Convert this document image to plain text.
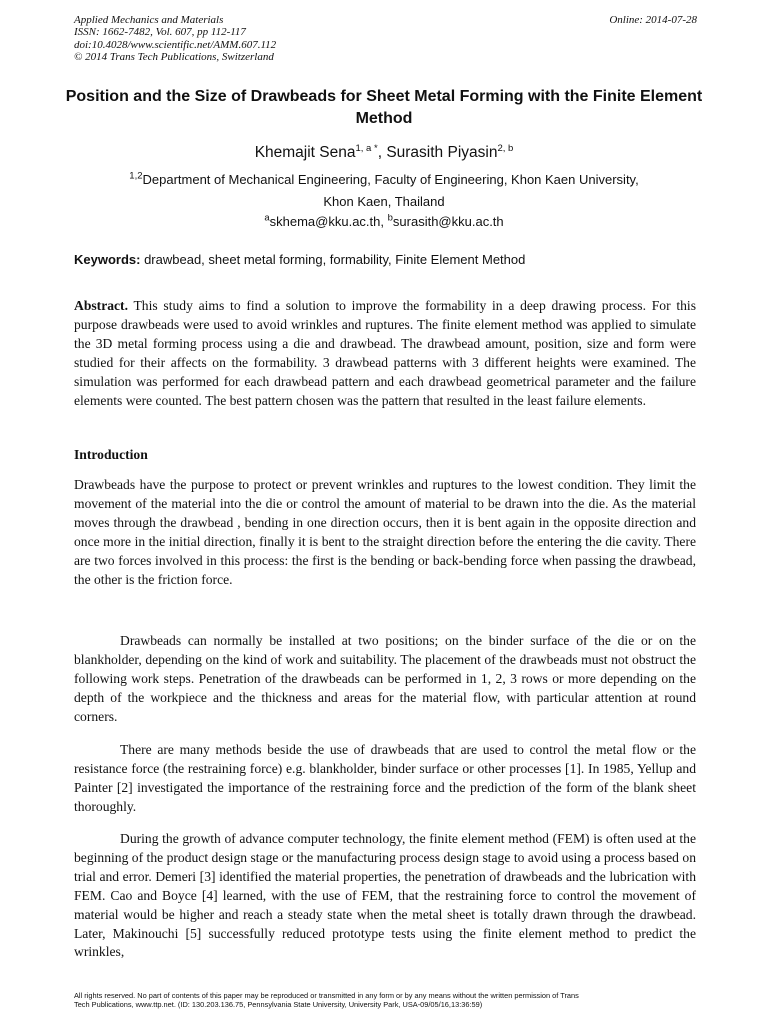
Applied Mechanics and Materials
ISSN: 1662-7482, Vol. 607, pp 112-117
doi:10.4028/www.scientific.net/AMM.607.112
© 2014 Trans Tech Publications, Switzerland
Online: 2014-07-28
Position and the Size of Drawbeads for Sheet Metal Forming with the Finite Element Method
Khemajit Sena$^{1, a *}$, Surasith Piyasin$^{2, b}$
$^{1,2}$Department of Mechanical Engineering, Faculty of Engineering, Khon Kaen University,
Khon Kaen, Thailand
$^a$skhema@kku.ac.th, $^b$surasith@kku.ac.th
Keywords: drawbead, sheet metal forming, formability, Finite Element Method
Abstract. This study aims to find a solution to improve the formability in a deep drawing process. For this purpose drawbeads were used to avoid wrinkles and ruptures. The finite element method was applied to simulate the 3D metal forming process using a die and drawbead. The drawbead amount, position, size and form were studied for their affects on the formability. 3 drawbead patterns with 3 different heights were examined. The simulation was performed for each drawbead pattern and each drawbead geometrical parameter and the failure elements were counted. The best pattern chosen was the pattern that resulted in the least failure elements.
Introduction
Drawbeads have the purpose to protect or prevent wrinkles and ruptures to the lowest condition. They limit the movement of the material into the die or control the amount of material to be drawn into the die. As the material moves through the drawbead , bending in one direction occurs, then it is bent again in the opposite direction and once more in the initial direction, finally it is bent to the straight direction before the entering the die cavity. There are two forces involved in this process: the first is the bending or back-bending force when passing the drawbead, the other is the friction force.
Drawbeads can normally be installed at two positions; on the binder surface of the die or on the blankholder, depending on the kind of work and suitability. The placement of the drawbeads must not obstruct the following work steps. Penetration of the drawbeads can be performed in 1, 2, 3 rows or more depending on the depth of the workpiece and the thickness and areas for the material flow, with particular attention at round corners.
There are many methods beside the use of drawbeads that are used to control the metal flow or the resistance force (the restraining force) e.g. blankholder, binder surface or other processes [1]. In 1985, Yellup and Painter [2] investigated the importance of the restraining force and the prediction of the form of the blank sheet thoroughly.
During the growth of advance computer technology, the finite element method (FEM) is often used at the beginning of the product design stage or the manufacturing process design stage to avoid using a process based on trial and error. Demeri [3] identified the material properties, the penetration of drawbeads and the lubrication with FEM. Cao and Boyce [4] learned, with the use of FEM, that the restraining force to control the movement of material would be higher and reach a steady state when the metal sheet is totally drawn through the drawbead. Later, Makinouchi [5] successfully reduced prototype tests using the finite element method to predict the wrinkles,
All rights reserved. No part of contents of this paper may be reproduced or transmitted in any form or by any means without the written permission of Trans
Tech Publications, www.ttp.net. (ID: 130.203.136.75, Pennsylvania State University, University Park, USA-09/05/16,13:36:59)
